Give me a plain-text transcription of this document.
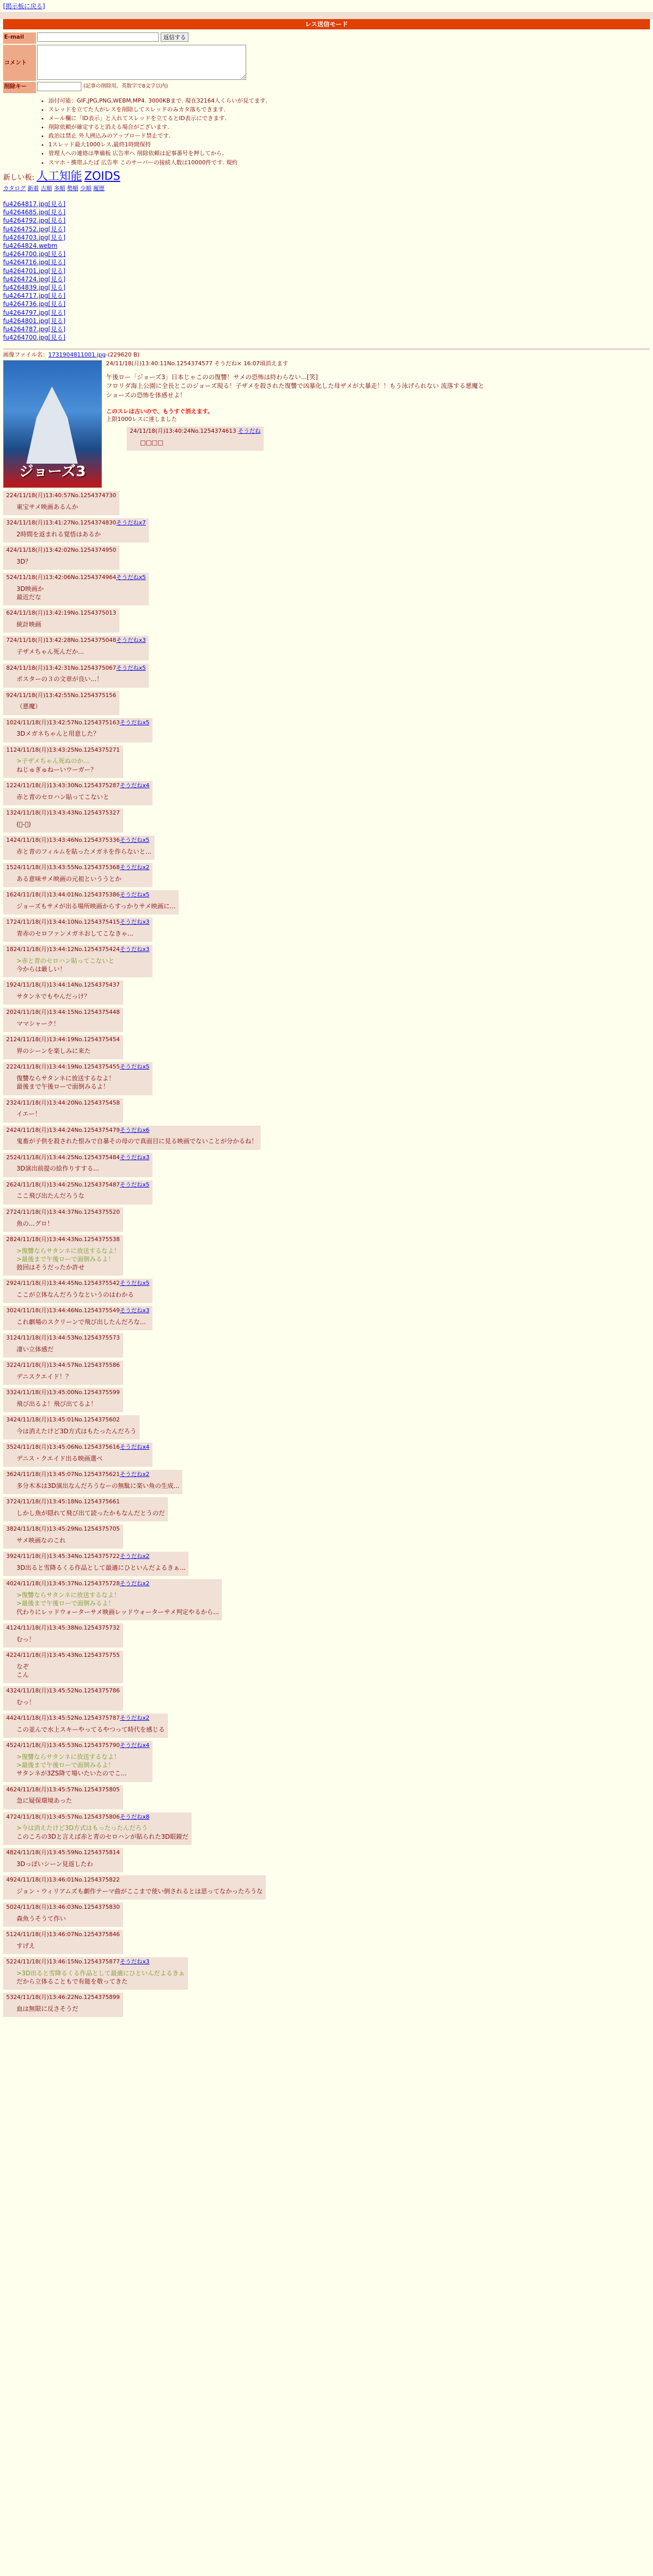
[掲示板に戻る]
レス送信モード
E-mail	返信する
コメント
削除キー	(記事の削除用。英数字で8文字以内)
• 添付可能：GIF,JPG,PNG,WEBM,MP4. 3000KBまで. 現在32164人くらいが見てます.
• スレッドを立てた人がレスを削除してスレッドのみカタ落ちできます.
• メール欄に「ID表示」と入れてスレッドを立てるとID表示にできます.
• 削除依頼が確定すると消える場合がございます.
• 政治は禁止 外人囲込みのアップロード禁止です.
• 1スレッド最大1000レス,最終1時間保持
• 管理人への連絡は準備板 広告率へ 削除依頼は記事番号を押してから.
• スマホ・携帯ふたば 広告率 このサーバーの接続人数は10000件です. 規約
新しい板: 人工知能 ZOIDS
カタログ 新着 古順 多順 勢順 少順 履歴
fu4264817.jpg[見る]
fu4264685.jpg[見る]
fu4264792.jpg[見る]
fu4264752.jpg[見る]
fu4264703.jpg[見る]
fu4264824.webm
fu4264700.jpg[見る]
fu4264716.jpg[見る]
fu4264701.jpg[見る]
fu4264724.jpg[見る]
fu4264839.jpg[見る]
fu4264717.jpg[見る]
fu4264736.jpg[見る]
fu4264797.jpg[見る]
fu4264801.jpg[見る]
fu4264787.jpg[見る]
fu4264700.jpg[見る]
画像ファイル名：1731904811001.jpg-(229620 B)
ジョーズ3
24/11/18(月)13:40:11No.1254374577 そうだね× 16:07頃消えます
午後ロー「ジョーズ3」日本じゃこのの復讐！サメの恐怖は終わらない...[笑]
フロリダ海上公園に全長とこのジョーズ現る！子ザメを殺された復讐で凶暴化した母ザメが大暴走！！もう泳げられない 流落する悪魔と
ショーズの恐怖を体感せよ！
このスレは古いので、もうすぐ消えます。
上限1000レスに達しました
24/11/18(月)13:40:24No.1254374613 そうだね
□□□□
224/11/18(月)13:40:57No.1254374730
東宝サメ映画あるんか
324/11/18(月)13:41:27No.1254374830そうだねx7
2時間を返まれる覚悟はあるか
424/11/18(月)13:42:02No.1254374950
3D？
524/11/18(月)13:42:06No.1254374964そうだねx5
3D映画か
最近だな
624/11/18(月)13:42:19No.1254375013
統計映画
724/11/18(月)13:42:28No.1254375048そうだねx3
子ザメちゃん死んだか...
824/11/18(月)13:42:31No.1254375067そうだねx5
ポスターの３の文章が良い...！
924/11/18(月)13:42:55No.1254375156
（悪魔）
1024/11/18(月)13:42:57No.1254375163そうだねx5
3Dメガネちゃんと用意した？
1124/11/18(月)13:43:25No.1254375271
>子ザメちゃん死ぬのか...
ねじゅぎゅねーいウーガー？
1224/11/18(月)13:43:30No.1254375287そうだねx4
赤と青のセロハン貼ってこないと
1324/11/18(月)13:43:43No.1254375327
(ﾞ-ﾞ)
1424/11/18(月)13:43:46No.1254375336そうだねx5
赤と青のフィルムを貼ったメガネを作らないと...
1524/11/18(月)13:43:55No.1254375368そうだねx2
ある意味サメ映画の元祖といううとか
1624/11/18(月)13:44:01No.1254375386そうだねx5
ジョーズもサメが出る場所映画からすっかりサメ映画に...
1724/11/18(月)13:44:10No.1254375415そうだねx3
青赤のセロファンメガネおしてこなきゃ...
1824/11/18(月)13:44:12No.1254375424そうだねx3
>赤と青のセロハン貼ってこないと
今からは厳しい！
1924/11/18(月)13:44:14No.1254375437
サタンネでもやんだっけ？
2024/11/18(月)13:44:15No.1254375448
ママシャーク！
2124/11/18(月)13:44:19No.1254375454
界のシーンを楽しみに来た
2224/11/18(月)13:44:19No.1254375455そうだねx5
復讐ならサタンネに放送するなよ！
最後まで午後ローで面倒みるよ！
2324/11/18(月)13:44:20No.1254375458
イエー！
2424/11/18(月)13:44:24No.1254375479そうだねx6
鬼畜が子供を殺された恨みで自暴その母ので真面目に見る映画でないことが分かるね！
2524/11/18(月)13:44:25No.1254375484そうだねx3
3D演出前提の絵作りすする...
2624/11/18(月)13:44:25No.1254375487そうだねx5
ここ飛び出たんだろうな
2724/11/18(月)13:44:37No.1254375520
魚の...グロ！
2824/11/18(月)13:44:43No.1254375538
>復讐ならサタンネに放送するなよ！
>最後まで午後ローで面倒みるよ！
鼓回はそうだったか許せ
2924/11/18(月)13:44:45No.1254375542そうだねx5
ここが立体なんだろうなというのはわかる
3024/11/18(月)13:44:46No.1254375549そうだねx3
これ劇場のスクリーンで飛び出したんだろな...
3124/11/18(月)13:44:53No.1254375573
凄い立体感だ
3224/11/18(月)13:44:57No.1254375586
デニスクエイド！？
3324/11/18(月)13:45:00No.1254375599
飛び出るよ！飛び出てるよ！
3424/11/18(月)13:45:01No.1254375602
今は消えたけど3D方式はもたったんだろう
3524/11/18(月)13:45:06No.1254375616そうだねx4
デニス・クエイド出る映画選べ
3624/11/18(月)13:45:07No.1254375621そうだねx2
多分木本は3D演出なんだろうなーの無駄に楽い角の生成...
3724/11/18(月)13:45:18No.1254375661
しかし魚が隠れて飛び出て読ったかもなんだとうのだ
3824/11/18(月)13:45:29No.1254375705
サメ映画なのこれ
3924/11/18(月)13:45:34No.1254375722そうだねx2
3D出ると雪降るくる作品として最適にひといんだよるきぁ...
4024/11/18(月)13:45:37No.1254375728そうだねx2
>復讐ならサタンネに放送するなよ！
>最後まで午後ローで面倒みるよ！
代わりにレッドウォーターサメ映画レッドウォーターサメ判定やるから...
4124/11/18(月)13:45:38No.1254375732
むっ！
4224/11/18(月)13:45:43No.1254375755
なぞ
こん
4324/11/18(月)13:45:52No.1254375786
むっ！
4424/11/18(月)13:45:52No.1254375787そうだねx2
この並んで水上スキーやってるやつって時代を感じる
4524/11/18(月)13:45:53No.1254375790そうだねx4
>復讐ならサタンネに放送するなよ！
>最後まで午後ローで面倒みるよ！
サタンネが3ZS降て場いたいたのでこ...
4624/11/18(月)13:45:57No.1254375805
急に疑保環境あった
4724/11/18(月)13:45:57No.1254375806そうだねx8
>今は消えたけど3D方式はもったったんだろう
このころの3Dと言えば赤と青のセロハンが貼られた3D眼鏡だ
4824/11/18(月)13:45:59No.1254375814
3Dっぽいシーン見返したわ
4924/11/18(月)13:46:01No.1254375822
ジョン・ウィリアムズも劇作テーマ曲がここまで使い倒されるとは思ってなかったろうな
5024/11/18(月)13:46:03No.1254375830
森魚うそうて作い
5124/11/18(月)13:46:07No.1254375846
すげえ
5224/11/18(月)13:46:15No.1254375877そうだねx3
>3D出ると雪降るくる作品として最適にひといんだよるきぁ
だから立体ることもで有能を敬ってきた
5324/11/18(月)13:46:22No.1254375899
血は無限に反さそうだ
